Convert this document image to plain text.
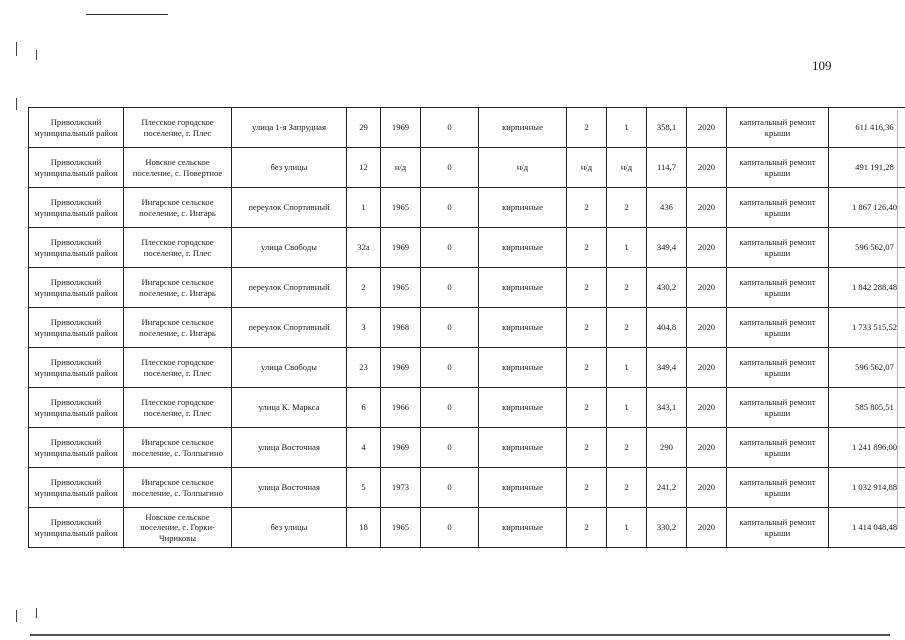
109
Приволжский муниципальный район	Плесское городское поселение, г. Плес	улица 1-я Запрудная	29	1969	0	кирпичные	2	1	358,1	2020	капитальный ремонт крыши	611 416,36
Приволжский муниципальный район	Новское сельское поселение, с. Повертное	без улицы	12	н/д	0	н/д	н/д	н/д	114,7	2020	капитальный ремонт крыши	491 191,28
Приволжский муниципальный район	Ингарское сельское поселение, с. Ингарь	переулок Спортивный	1	1965	0	кирпичные	2	2	436	2020	капитальный ремонт крыши	1 867 126,40
Приволжский муниципальный район	Плесское городское поселение, г. Плес	улица Свободы	32а	1969	0	кирпичные	2	1	349,4	2020	капитальный ремонт крыши	596 562,07
Приволжский муниципальный район	Ингарское сельское поселение, с. Ингарь	переулок Спортивный	2	1965	0	кирпичные	2	2	430,2	2020	капитальный ремонт крыши	1 842 288,48
Приволжский муниципальный район	Ингарское сельское поселение, с. Ингарь	переулок Спортивный	3	1968	0	кирпичные	2	2	404,8	2020	капитальный ремонт крыши	1 733 515,52
Приволжский муниципальный район	Плесское городское поселение, г. Плес	улица Свободы	23	1969	0	кирпичные	2	1	349,4	2020	капитальный ремонт крыши	596 562,07
Приволжский муниципальный район	Плесское городское поселение, г. Плес	улица К. Маркса	6	1966	0	кирпичные	2	1	343,1	2020	капитальный ремонт крыши	585 805,51
Приволжский муниципальный район	Ингарское сельское поселение, с. Толпыгино	улица Восточная	4	1969	0	кирпичные	2	2	290	2020	капитальный ремонт крыши	1 241 896,00
Приволжский муниципальный район	Ингарское сельское поселение, с. Толпыгино	улица Восточная	5	1973	0	кирпичные	2	2	241,2	2020	капитальный ремонт крыши	1 032 914,88
Приволжский муниципальный район	Новское сельское поселение, с. Горки-Чириковы	без улицы	18	1965	0	кирпичные	2	1	330,2	2020	капитальный ремонт крыши	1 414 048,48
